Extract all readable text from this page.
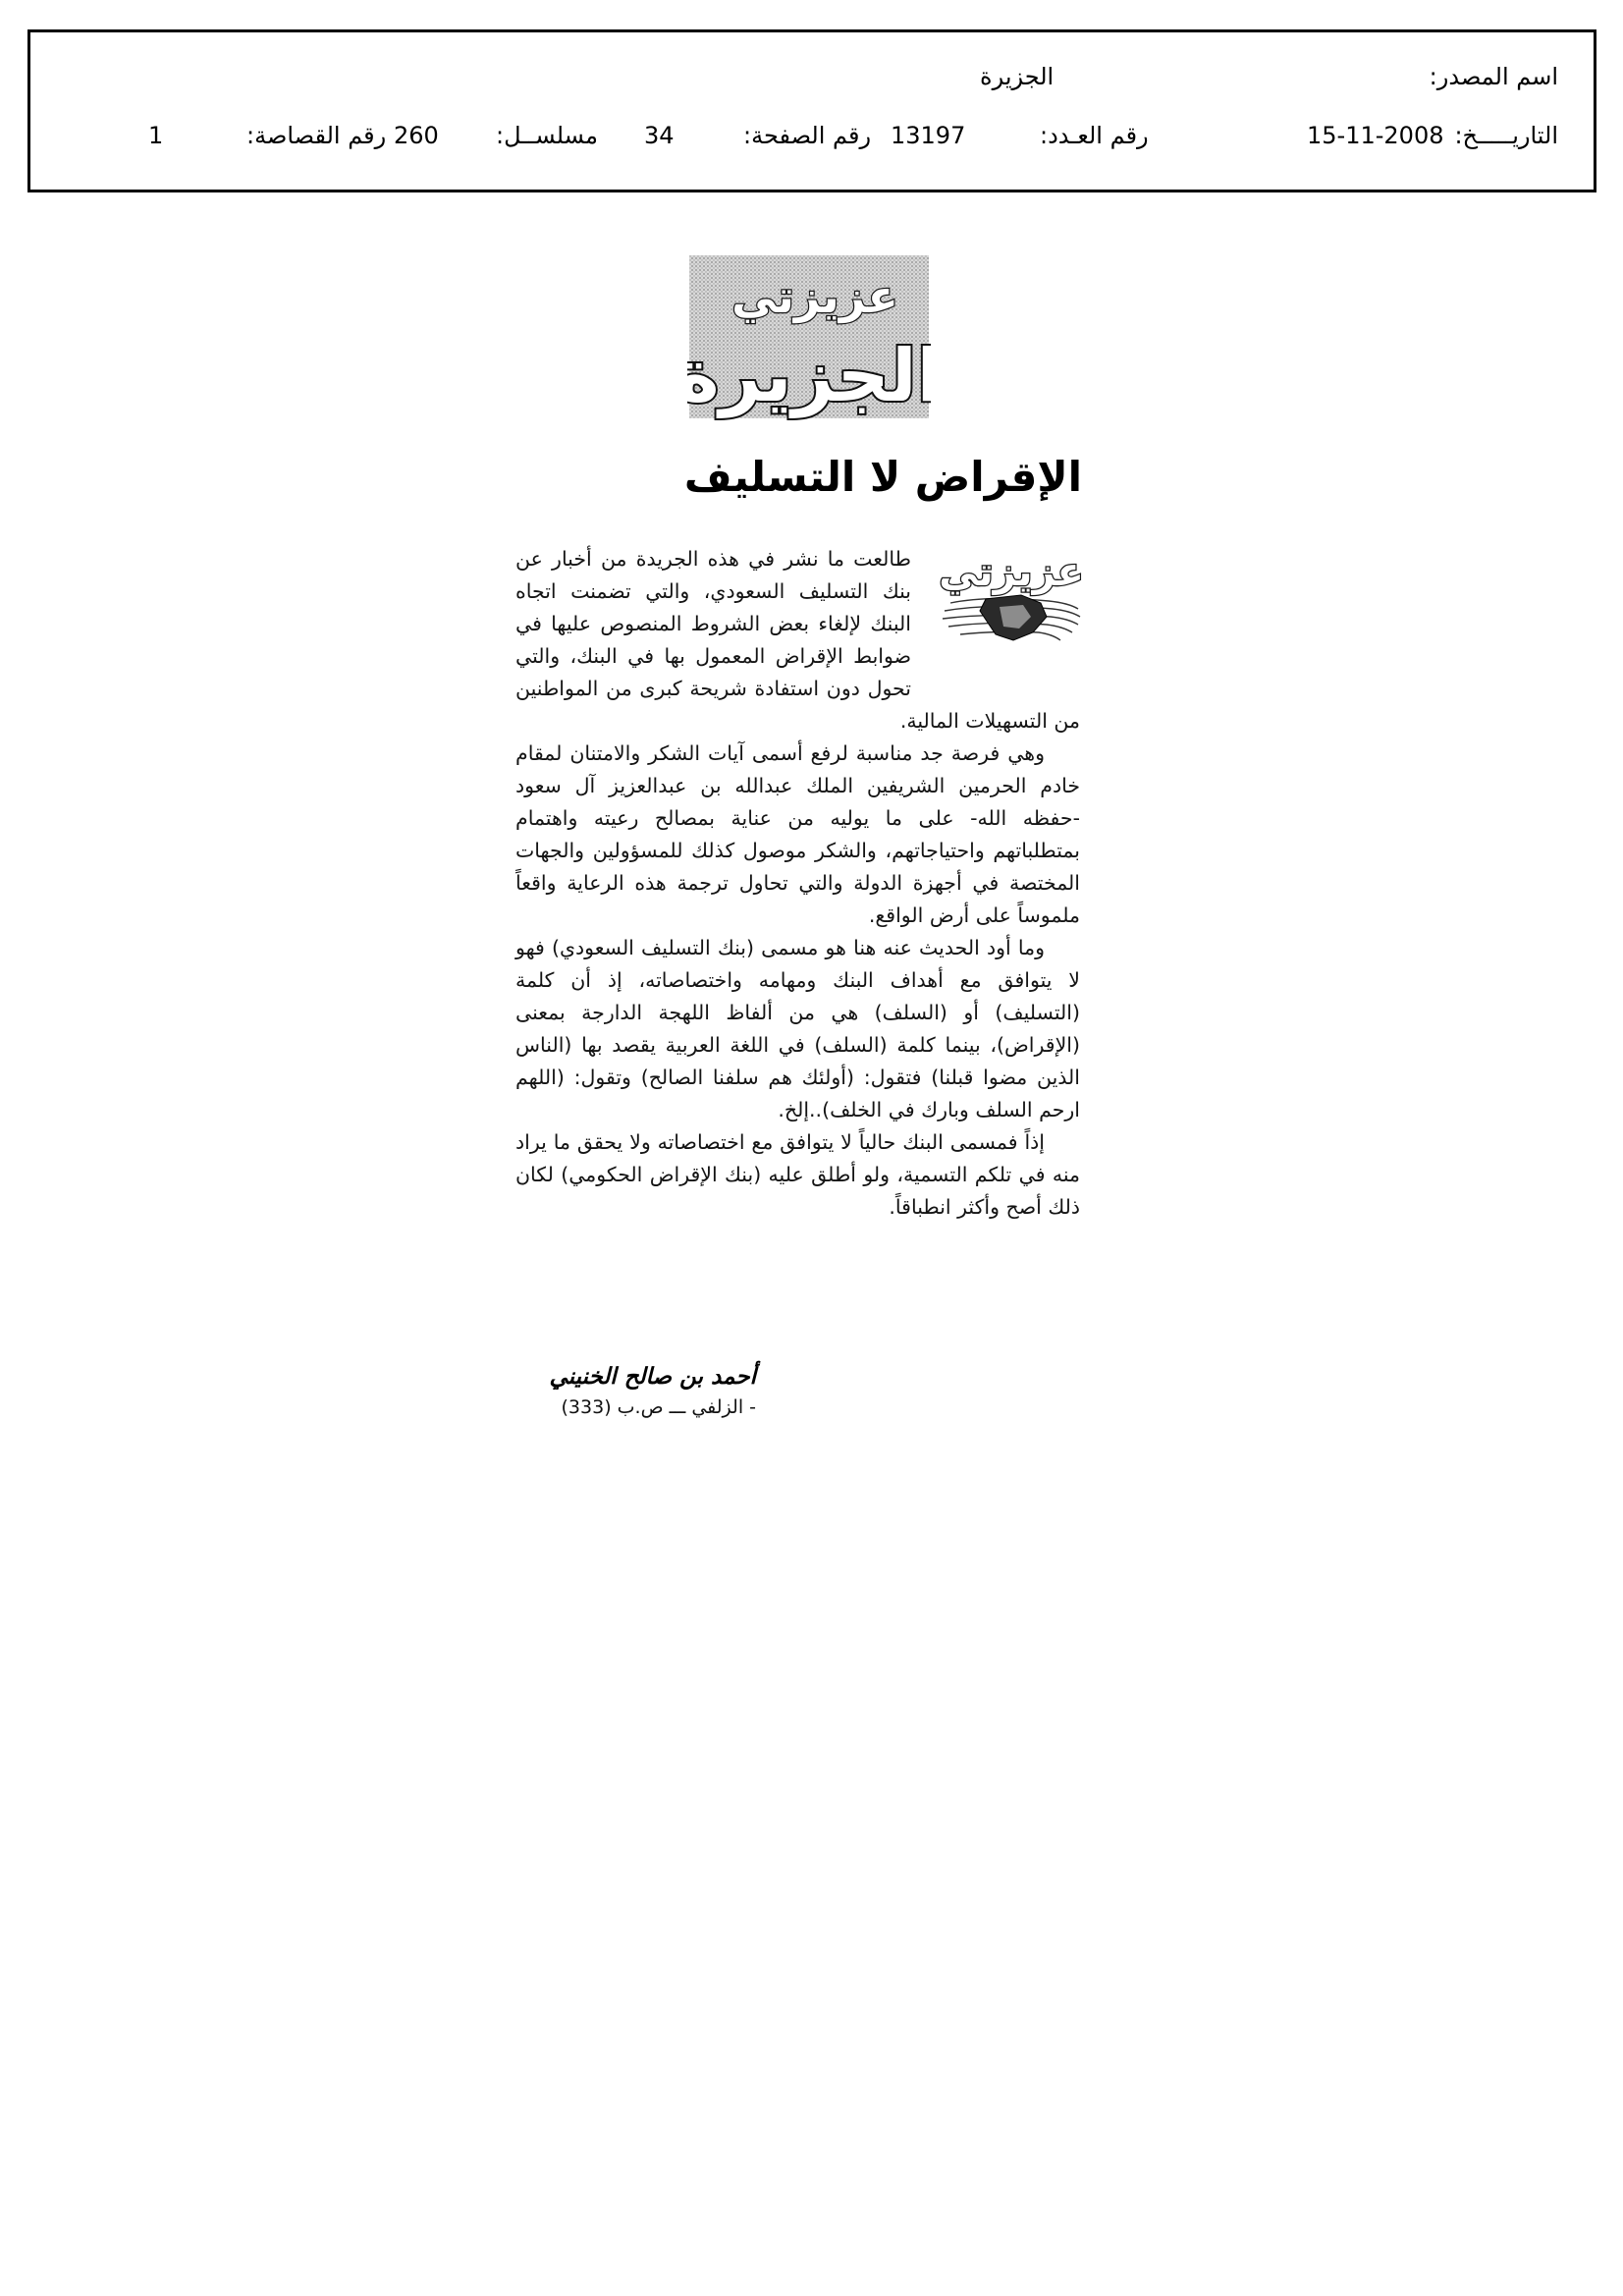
اسم المصدر:
الجزيرة
التاريـــــخ:
15-11-2008
رقم العـدد:
13197
رقم الصفحة:
34
مسلســل:
260
رقم القصاصة:
1
عزيزتي
الجزيرة
الإقراض لا التسليف
عزيزتي

طالعت ما نشر في هذه الجريدة من أخبار عن بنك التسليف السعودي، والتي تضمنت اتجاه البنك لإلغاء بعض الشروط المنصوص عليها في ضوابط الإقراض المعمول بها في البنك، والتي تحول دون استفادة شريحة كبرى من المواطنين من التسهيلات المالية.

وهي فرصة جد مناسبة لرفع أسمى آيات الشكر والامتنان لمقام خادم الحرمين الشريفين الملك عبدالله بن عبدالعزيز آل سعود -حفظه الله- على ما يوليه من عناية بمصالح رعيته واهتمام بمتطلباتهم واحتياجاتهم، والشكر موصول كذلك للمسؤولين والجهات المختصة في أجهزة الدولة والتي تحاول ترجمة هذه الرعاية واقعاً ملموساً على أرض الواقع.

وما أود الحديث عنه هنا هو مسمى (بنك التسليف السعودي) فهو لا يتوافق مع أهداف البنك ومهامه واختصاصاته، إذ أن كلمة (التسليف) أو (السلف) هي من ألفاظ اللهجة الدارجة بمعنى (الإقراض)، بينما كلمة (السلف) في اللغة العربية يقصد بها (الناس الذين مضوا قبلنا) فتقول: (أولئك هم سلفنا الصالح) وتقول: (اللهم ارحم السلف وبارك في الخلف)..إلخ.

إذاً فمسمى البنك حالياً لا يتوافق مع اختصاصاته ولا يحقق ما يراد منه في تلكم التسمية، ولو أطلق عليه (بنك الإقراض الحكومي) لكان ذلك أصح وأكثر انطباقاً.

أحمد بن صالح الخنيني
- الزلفي ـــ ص.ب (333)
